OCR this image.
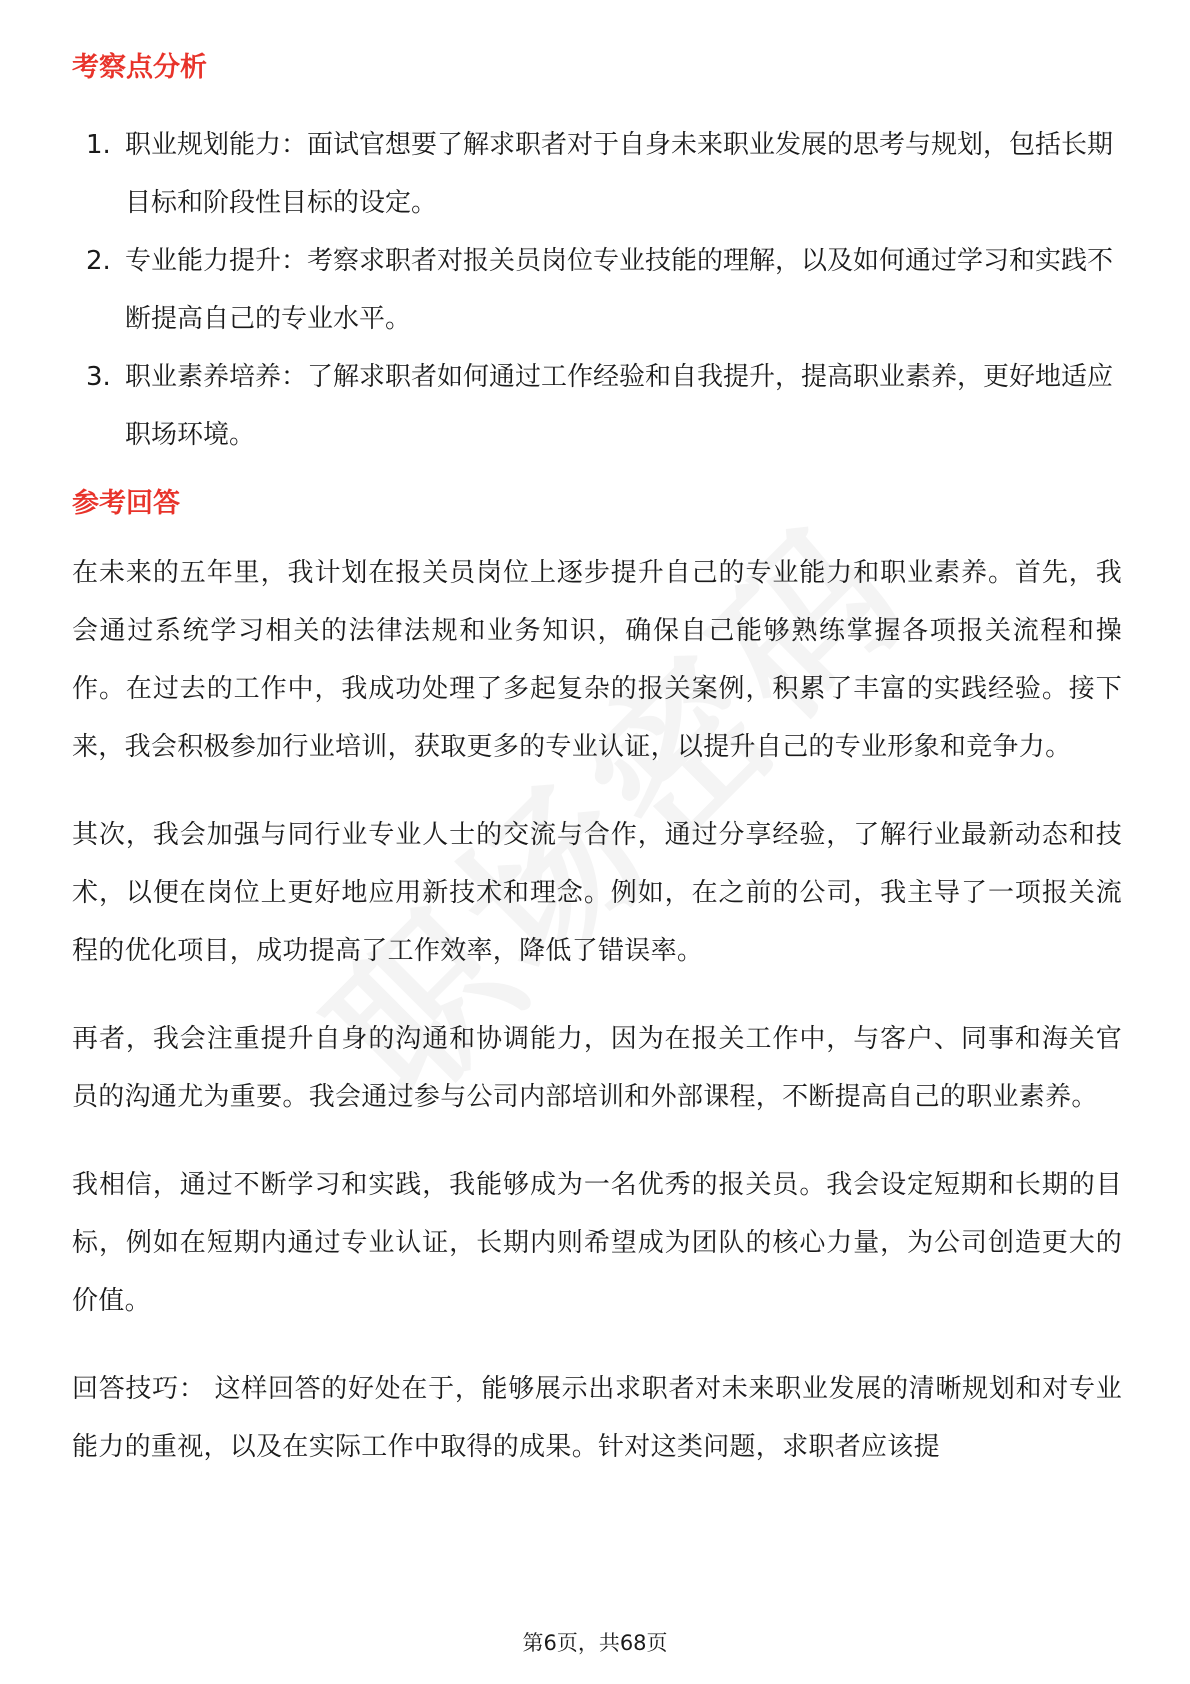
考察点分析
1. 职业规划能力：面试官想要了解求职者对于自身未来职业发展的思考与规划，包括长期目标和阶段性目标的设定。
2. 专业能力提升：考察求职者对报关员岗位专业技能的理解，以及如何通过学习和实践不断提高自己的专业水平。
3. 职业素养培养：了解求职者如何通过工作经验和自我提升，提高职业素养，更好地适应职场环境。
参考回答

在未来的五年里，我计划在报关员岗位上逐步提升自己的专业能力和职业素养。首先，我会通过系统学习相关的法律法规和业务知识，确保自己能够熟练掌握各项报关流程和操作。在过去的工作中，我成功处理了多起复杂的报关案例，积累了丰富的实践经验。接下来，我会积极参加行业培训，获取更多的专业认证，以提升自己的专业形象和竞争力。

其次，我会加强与同行业专业人士的交流与合作，通过分享经验，了解行业最新动态和技术，以便在岗位上更好地应用新技术和理念。例如，在之前的公司，我主导了一项报关流程的优化项目，成功提高了工作效率，降低了错误率。

再者，我会注重提升自身的沟通和协调能力，因为在报关工作中，与客户、同事和海关官员的沟通尤为重要。我会通过参与公司内部培训和外部课程，不断提高自己的职业素养。

我相信，通过不断学习和实践，我能够成为一名优秀的报关员。我会设定短期和长期的目标，例如在短期内通过专业认证，长期内则希望成为团队的核心力量，为公司创造更大的价值。

回答技巧： 这样回答的好处在于，能够展示出求职者对未来职业发展的清晰规划和对专业能力的重视，以及在实际工作中取得的成果。针对这类问题，求职者应该提

第6页，共68页
